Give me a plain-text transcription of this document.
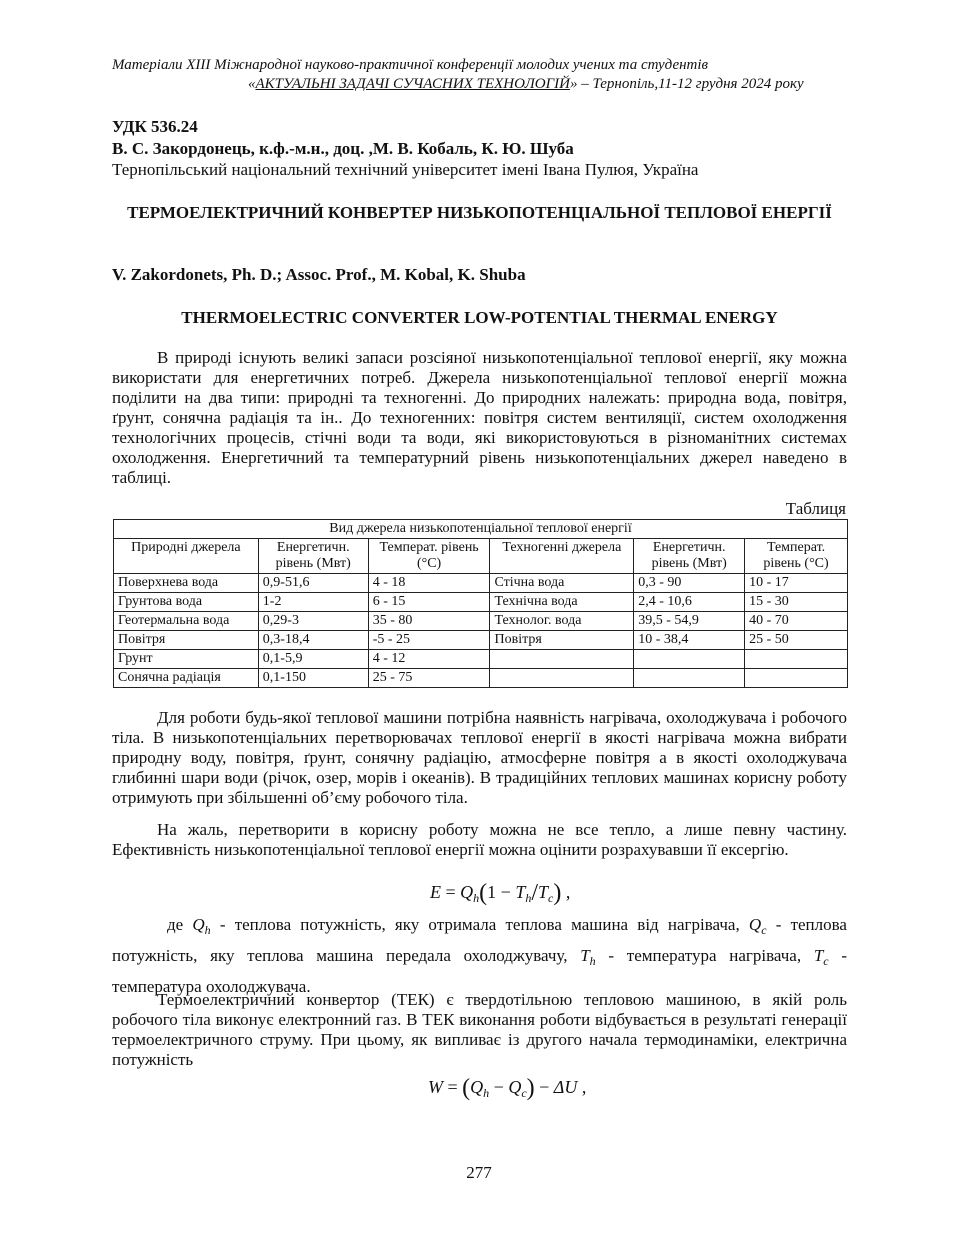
Матеріали XIII Міжнародної науково-практичної конференції молодих учених та студентів
«АКТУАЛЬНІ ЗАДАЧІ СУЧАСНИХ ТЕХНОЛОГІЙ» – Тернопіль,11-12 грудня 2024 року
УДК 536.24
В. С. Закордонець, к.ф.-м.н., доц. ,М. В. Кобаль, К. Ю. Шуба
Тернопільський національний технічний університет імені Івана Пулюя, Україна
ТЕРМОЕЛЕКТРИЧНИЙ КОНВЕРТЕР НИЗЬКОПОТЕНЦІАЛЬНОЇ ТЕПЛОВОЇ ЕНЕРГІЇ
V. Zakordonets, Ph. D.; Assoc. Prof., M. Kobal, K. Shuba
THERMOELECTRIC CONVERTER LOW-POTENTIAL THERMAL ENERGY

В природі існують великі запаси розсіяної низькопотенціальної теплової енергії, яку можна використати для енергетичних потреб. Джерела низькопотенціальної теплової енергії можна поділити на два типи: природні та техногенні. До природних належать: природна вода, повітря, ґрунт, сонячна радіація та ін.. До техногенних: повітря систем вентиляції, систем охолодження технологічних процесів, стічні води та води, які використовуються в різноманітних системах охолодження. Енергетичний та температурний рівень низькопотенціальних джерел наведено в таблиці.

Таблиця
Вид джерела низькопотенціальної теплової енергії					
Природні джерела	Енергетичн. рівень (Мвт)	Температ. рівень (°С)	Техногенні джерела	Енергетичн. рівень (Мвт)	Температ. рівень (°С)
Поверхнева вода	0,9-51,6	4 - 18	Стічна вода	0,3 - 90	10 - 17
Грунтова вода	1-2	6 - 15	Технічна вода	2,4 - 10,6	15 - 30
Геотермальна вода	0,29-3	35 - 80	Технолог. вода	39,5 - 54,9	40 - 70
Повітря	0,3-18,4	-5 - 25	Повітря	10 - 38,4	25 - 50
Грунт	0,1-5,9	4 - 12			
Сонячна радіація	0,1-150	25 - 75			

Для роботи будь-якої теплової машини потрібна наявність нагрівача, охолоджувача і робочого тіла. В низькопотенціальних перетворювачах теплової енергії в якості нагрівача можна вибрати природну воду, повітря, ґрунт, сонячну радіацію, атмосферне повітря а в якості охолоджувача глибинні шари води (річок, озер, морів і океанів). В традиційних теплових машинах корисну роботу отримують при збільшенні об’єму робочого тіла.

На жаль, перетворити в корисну роботу можна не все тепло, а лише певну частину. Ефективність низькопотенціальної теплової енергії можна оцінити розрахувавши її ексергію.

$E = Q_h(1 - T_h/T_c)$ ,

де $Q_h$ - теплова потужність, яку отримала теплова машина від нагрівача, $Q_c$ - теплова потужність, яку теплова машина передала охолоджувачу, $T_h$ - температура нагрівача, $T_c$ - температура охолоджувача.

Термоелектричний конвертор (ТЕК) є твердотільною тепловою машиною, в якій роль робочого тіла виконує електронний газ. В ТЕК виконання роботи відбувається в результаті генерації термоелектричного струму. При цьому, як випливає із другого начала термодинаміки, електрична потужність

$W = (Q_h - Q_c) - \Delta U$ ,
277
